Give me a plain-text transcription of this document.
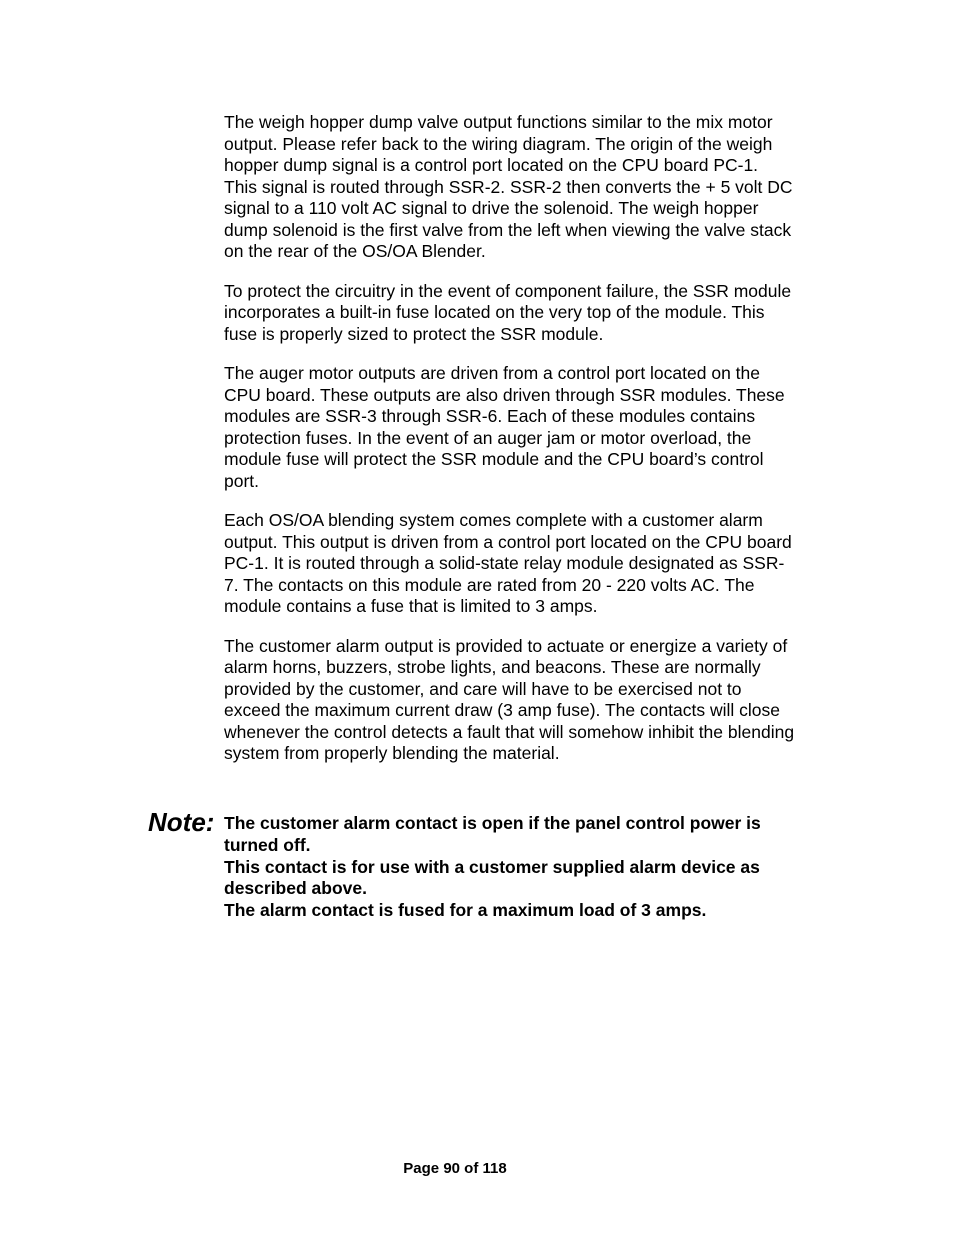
The weigh hopper dump valve output functions similar to the mix motor
output. Please refer back to the wiring diagram. The origin of the weigh
hopper dump signal is a control port located on the CPU board PC-1.
This signal is routed through SSR-2. SSR-2 then converts the + 5 volt DC
signal to a 110 volt AC signal to drive the solenoid. The weigh hopper
dump solenoid is the first valve from the left when viewing the valve stack
on the rear of the OS/OA Blender.

To protect the circuitry in the event of component failure, the SSR module
incorporates a built-in fuse located on the very top of the module. This
fuse is properly sized to protect the SSR module.

The auger motor outputs are driven from a control port located on the
CPU board. These outputs are also driven through SSR modules. These
modules are SSR-3 through SSR-6. Each of these modules contains
protection fuses. In the event of an auger jam or motor overload, the
module fuse will protect the SSR module and the CPU board’s control
port.

Each OS/OA blending system comes complete with a customer alarm
output. This output is driven from a control port located on the CPU board
PC-1. It is routed through a solid-state relay module designated as SSR-
7. The contacts on this module are rated from 20 - 220 volts AC. The
module contains a fuse that is limited to 3 amps.

The customer alarm output is provided to actuate or energize a variety of
alarm horns, buzzers, strobe lights, and beacons. These are normally
provided by the customer, and care will have to be exercised not to
exceed the maximum current draw (3 amp fuse). The contacts will close
whenever the control detects a fault that will somehow inhibit the blending
system from properly blending the material.

Note: The customer alarm contact is open if the panel control power is
turned off.
This contact is for use with a customer supplied alarm device as
described above.
The alarm contact is fused for a maximum load of 3 amps.
Page 90 of 118
